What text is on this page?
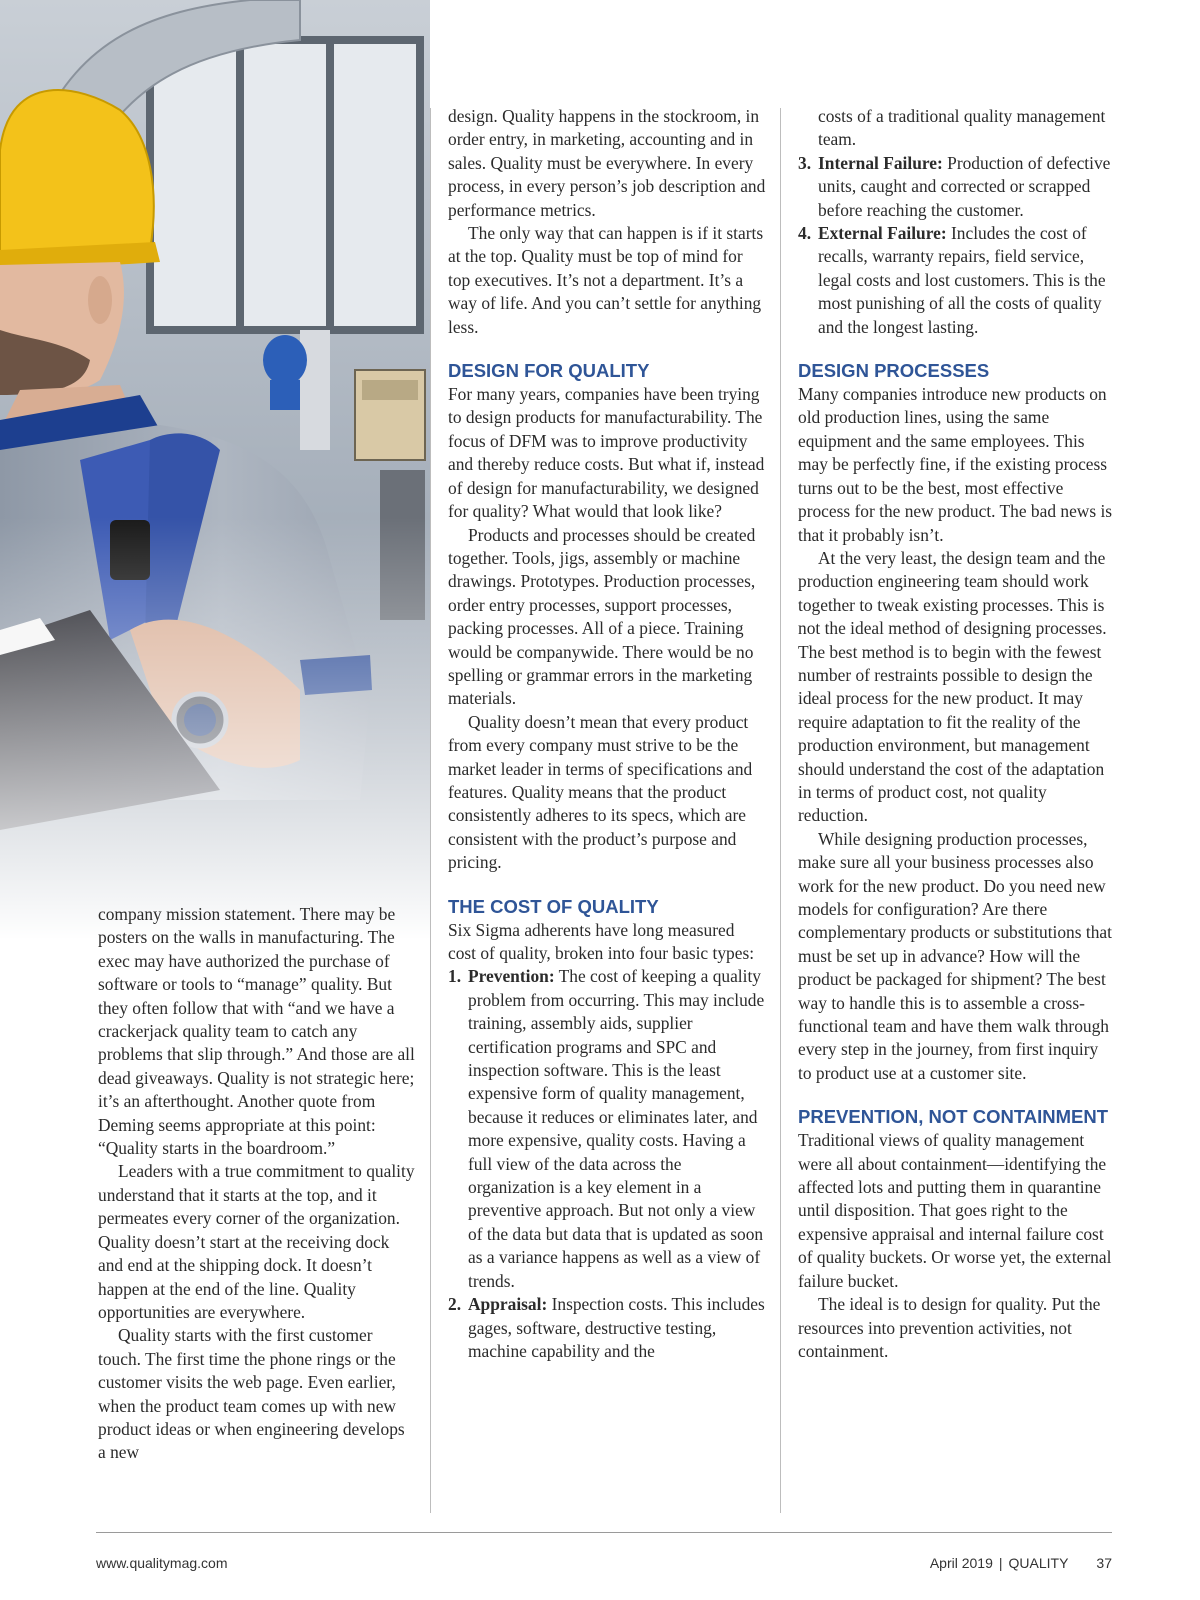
company mission statement. There may be posters on the walls in manufacturing. The exec may have authorized the purchase of software or tools to “manage” quality. But they often follow that with “and we have a crackerjack quality team to catch any problems that slip through.” And those are all dead giveaways. Quality is not strategic here; it’s an afterthought. Another quote from Deming seems appropriate at this point: “Quality starts in the boardroom.”

Leaders with a true commitment to quality understand that it starts at the top, and it permeates every corner of the organization. Quality doesn’t start at the receiving dock and end at the shipping dock. It doesn’t happen at the end of the line. Quality opportunities are everywhere.

Quality starts with the first customer touch. The first time the phone rings or the customer visits the web page. Even earlier, when the product team comes up with new product ideas or when engineering develops a new

design. Quality happens in the stockroom, in order entry, in marketing, accounting and in sales. Quality must be everywhere. In every process, in every person’s job description and performance metrics.

The only way that can happen is if it starts at the top. Quality must be top of mind for top executives. It’s not a department. It’s a way of life. And you can’t settle for anything less.

DESIGN FOR QUALITY

For many years, companies have been trying to design products for manufacturability. The focus of DFM was to improve productivity and thereby reduce costs. But what if, instead of design for manufacturability, we designed for quality? What would that look like?

Products and processes should be created together. Tools, jigs, assembly or machine drawings. Prototypes. Production processes, order entry processes, support processes, packing processes. All of a piece. Training would be companywide. There would be no spelling or grammar errors in the marketing materials.

Quality doesn’t mean that every product from every company must strive to be the market leader in terms of specifications and features. Quality means that the product consistently adheres to its specs, which are consistent with the product’s purpose and pricing.

THE COST OF QUALITY

Six Sigma adherents have long measured cost of quality, broken into four basic types:

1. Prevention: The cost of keeping a quality problem from occurring. This may include training, assembly aids, supplier certification programs and SPC and inspection software. This is the least expensive form of quality management, because it reduces or eliminates later, and more expensive, quality costs. Having a full view of the data across the organization is a key element in a preventive approach. But not only a view of the data but data that is updated as soon as a variance happens as well as a view of trends.
2. Appraisal: Inspection costs. This includes gages, software, destructive testing, machine capability and the
costs of a traditional quality management team.
3. Internal Failure: Production of defective units, caught and corrected or scrapped before reaching the customer.
4. External Failure: Includes the cost of recalls, warranty repairs, field service, legal costs and lost customers. This is the most punishing of all the costs of quality and the longest lasting.
DESIGN PROCESSES

Many companies introduce new products on old production lines, using the same equipment and the same employees. This may be perfectly fine, if the existing process turns out to be the best, most effective process for the new product. The bad news is that it probably isn’t.

At the very least, the design team and the production engineering team should work together to tweak existing processes. This is not the ideal method of designing processes. The best method is to begin with the fewest number of restraints possible to design the ideal process for the new product. It may require adaptation to fit the reality of the production environment, but management should understand the cost of the adaptation in terms of product cost, not quality reduction.

While designing production processes, make sure all your business processes also work for the new product. Do you need new models for configuration? Are there complementary products or substitutions that must be set up in advance? How will the product be packaged for shipment? The best way to handle this is to assemble a cross-functional team and have them walk through every step in the journey, from first inquiry to product use at a customer site.

PREVENTION, NOT CONTAINMENT

Traditional views of quality management were all about containment—identifying the affected lots and putting them in quarantine until disposition. That goes right to the expensive appraisal and internal failure cost of quality buckets. Or worse yet, the external failure bucket.

The ideal is to design for quality. Put the resources into prevention activities, not containment.

www.qualitymag.com	April 2019 | QUALITY 37
